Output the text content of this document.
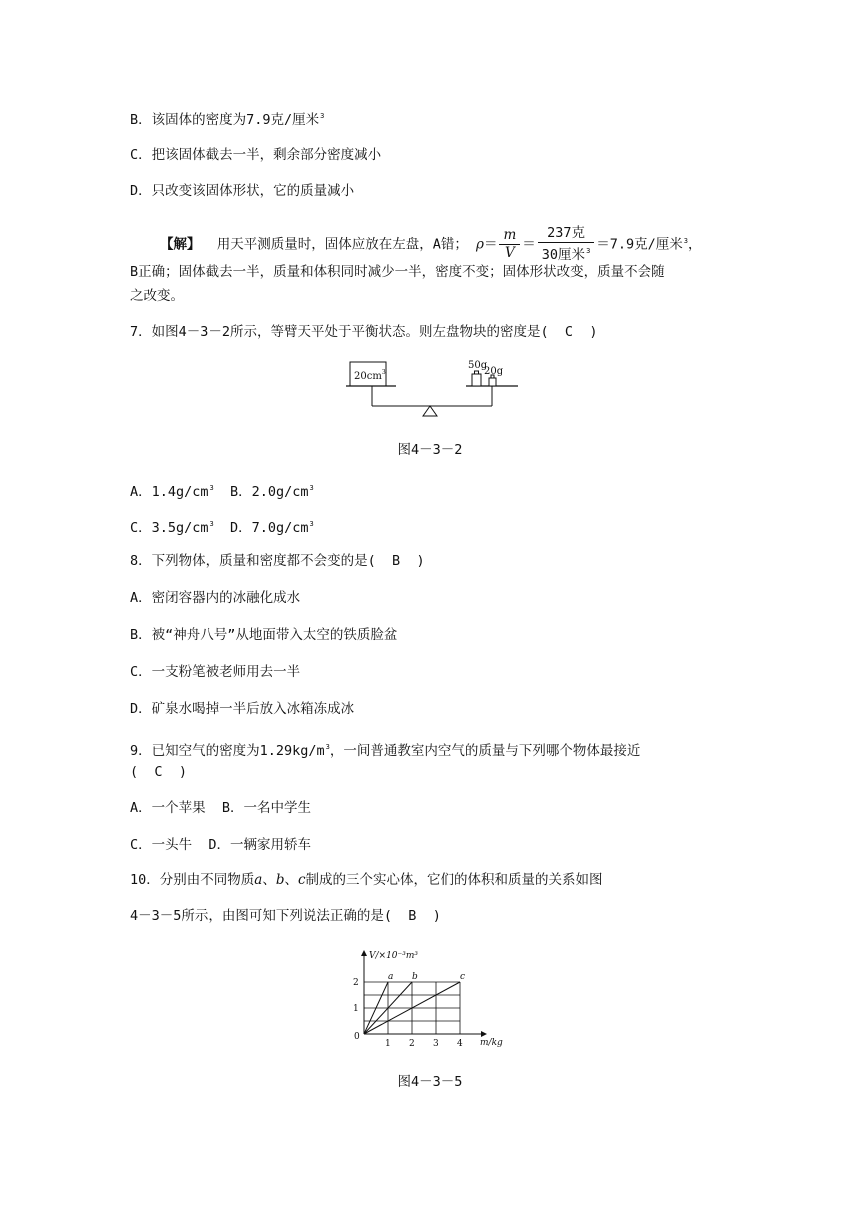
B．该固体的密度为7.9克/厘米$^3$
C．把该固体截去一半，剩余部分密度减小
D．只改变该固体形状，它的质量减小
【解】 用天平测质量时，固体应放在左盘，A错； $\rho= \frac{m}{V} = \frac{\text{237克}}{30厘米^3} =7.9$克/厘米$^3$，
B正确；固体截去一半，质量和体积同时减少一半，密度不变；固体形状改变，质量不会随
之改变。
7．如图4－3－2所示，等臂天平处于平衡状态。则左盘物块的密度是( C )
$20cm^3$
50g
20g
图4－3－2
A．$1.4g/cm^3$ B．$2.0g/cm^3$
C．$3.5g/cm^3$ D．$7.0g/cm^3$
8．下列物体，质量和密度都不会变的是( B )
A．密闭容器内的冰融化成水
B．被“神舟八号”从地面带入太空的铁质脸盆
C．一支粉笔被老师用去一半
D．矿泉水喝掉一半后放入冰箱冻成冰
9．已知空气的密度为$1.29kg/m^3$，一间普通教室内空气的质量与下列哪个物体最接近
( C )
A．一个苹果 B．一名中学生
C．一头牛 D．一辆家用轿车
10．分别由不同物质a、b、c制成的三个实心体，它们的体积和质量的关系如图
4－3－5所示，由图可知下列说法正确的是( B )
1 2 3 4
1
2
a b	c
V/×10⁻³m³
m/kg
0
图4－3－5
